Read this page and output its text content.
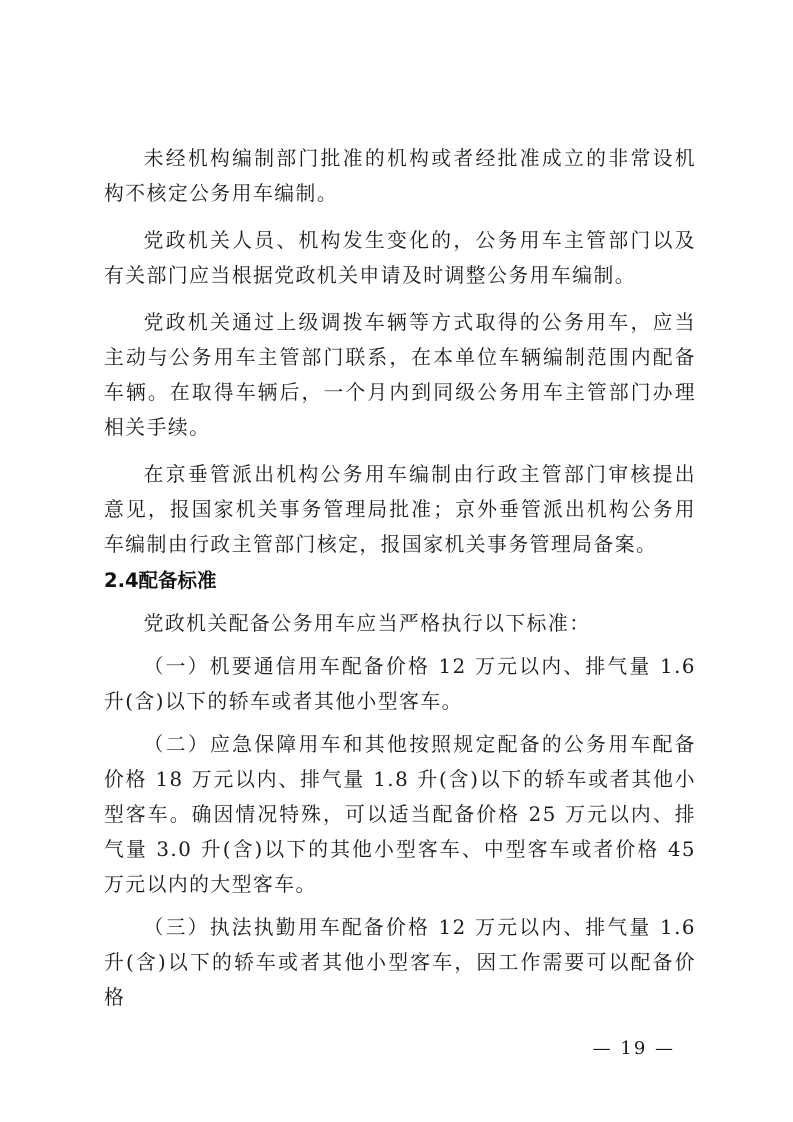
未经机构编制部门批准的机构或者经批准成立的非常设机构不核定公务用车编制。

党政机关人员、机构发生变化的，公务用车主管部门以及有关部门应当根据党政机关申请及时调整公务用车编制。

党政机关通过上级调拨车辆等方式取得的公务用车，应当主动与公务用车主管部门联系，在本单位车辆编制范围内配备车辆。在取得车辆后，一个月内到同级公务用车主管部门办理相关手续。

在京垂管派出机构公务用车编制由行政主管部门审核提出意见，报国家机关事务管理局批准；京外垂管派出机构公务用车编制由行政主管部门核定，报国家机关事务管理局备案。

2.4配备标准

党政机关配备公务用车应当严格执行以下标准：

（一）机要通信用车配备价格 12 万元以内、排气量 1.6 升(含)以下的轿车或者其他小型客车。

（二）应急保障用车和其他按照规定配备的公务用车配备价格 18 万元以内、排气量 1.8 升(含)以下的轿车或者其他小型客车。确因情况特殊，可以适当配备价格 25 万元以内、排气量 3.0 升(含)以下的其他小型客车、中型客车或者价格 45 万元以内的大型客车。

（三）执法执勤用车配备价格 12 万元以内、排气量 1.6 升(含)以下的轿车或者其他小型客车，因工作需要可以配备价格

— 19 —
